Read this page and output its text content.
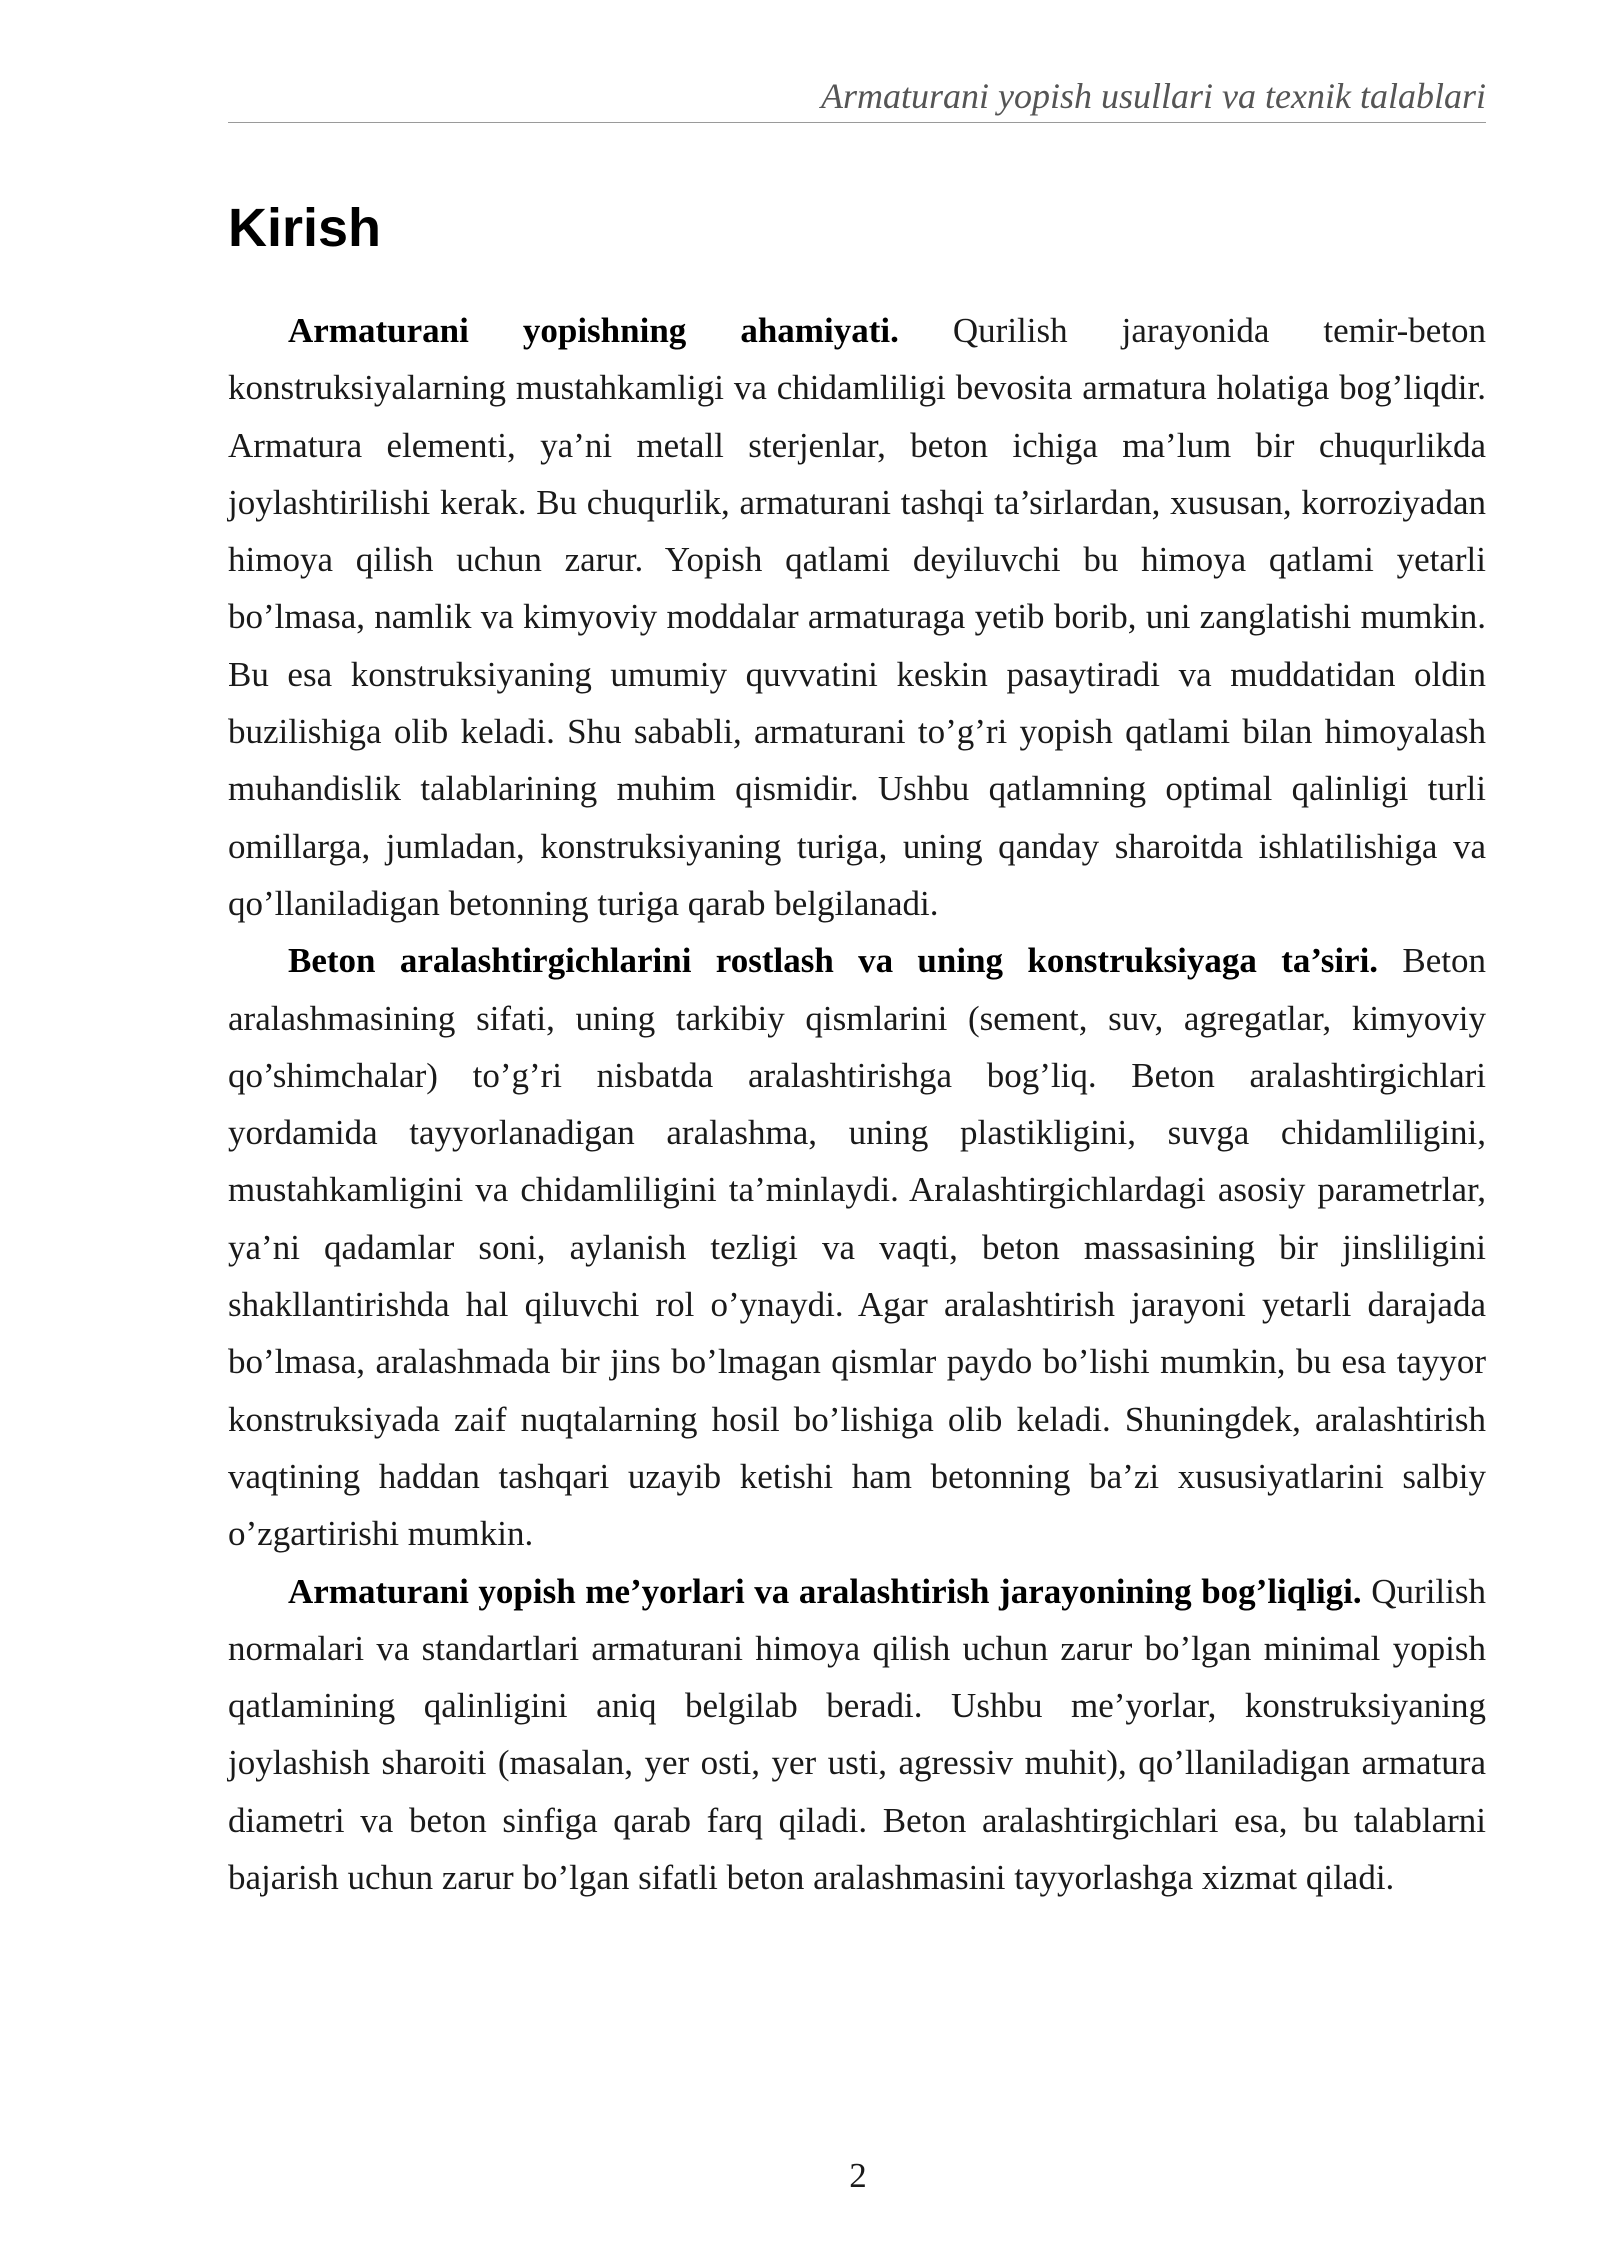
Armaturani yopish usullari va texnik talablari
Kirish

Armaturani yopishning ahamiyati. Qurilish jarayonida temir-beton konstruksiyalarning mustahkamligi va chidamliligi bevosita armatura holatiga bog’liqdir. Armatura elementi, ya’ni metall sterjenlar, beton ichiga ma’lum bir chuqurlikda joylashtirilishi kerak. Bu chuqurlik, armaturani tashqi ta’sirlardan, xususan, korroziyadan himoya qilish uchun zarur. Yopish qatlami deyiluvchi bu himoya qatlami yetarli bo’lmasa, namlik va kimyoviy moddalar armaturaga yetib borib, uni zanglatishi mumkin. Bu esa konstruksiyaning umumiy quvvatini keskin pasaytiradi va muddatidan oldin buzilishiga olib keladi. Shu sababli, armaturani to’g’ri yopish qatlami bilan himoyalash muhandislik talablarining muhim qismidir. Ushbu qatlamning optimal qalinligi turli omillarga, jumladan, konstruksiyaning turiga, uning qanday sharoitda ishlatilishiga va qo’llaniladigan betonning turiga qarab belgilanadi.

Beton aralashtirgichlarini rostlash va uning konstruksiyaga ta’siri. Beton aralashmasining sifati, uning tarkibiy qismlarini (sement, suv, agregatlar, kimyoviy qo’shimchalar) to’g’ri nisbatda aralashtirishga bog’liq. Beton aralashtirgichlari yordamida tayyorlanadigan aralashma, uning plastikligini, suvga chidamliligini, mustahkamligini va chidamliligini ta’minlaydi. Aralashtirgichlardagi asosiy parametrlar, ya’ni qadamlar soni, aylanish tezligi va vaqti, beton massasining bir jinsliligini shakllantirishda hal qiluvchi rol o’ynaydi. Agar aralashtirish jarayoni yetarli darajada bo’lmasa, aralashmada bir jins bo’lmagan qismlar paydo bo’lishi mumkin, bu esa tayyor konstruksiyada zaif nuqtalarning hosil bo’lishiga olib keladi. Shuningdek, aralashtirish vaqtining haddan tashqari uzayib ketishi ham betonning ba’zi xususiyatlarini salbiy o’zgartirishi mumkin.

Armaturani yopish me’yorlari va aralashtirish jarayonining bog’liqligi. Qurilish normalari va standartlari armaturani himoya qilish uchun zarur bo’lgan minimal yopish qatlamining qalinligini aniq belgilab beradi. Ushbu me’yorlar, konstruksiyaning joylashish sharoiti (masalan, yer osti, yer usti, agressiv muhit), qo’llaniladigan armatura diametri va beton sinfiga qarab farq qiladi. Beton aralashtirgichlari esa, bu talablarni bajarish uchun zarur bo’lgan sifatli beton aralashmasini tayyorlashga xizmat qiladi.

2
